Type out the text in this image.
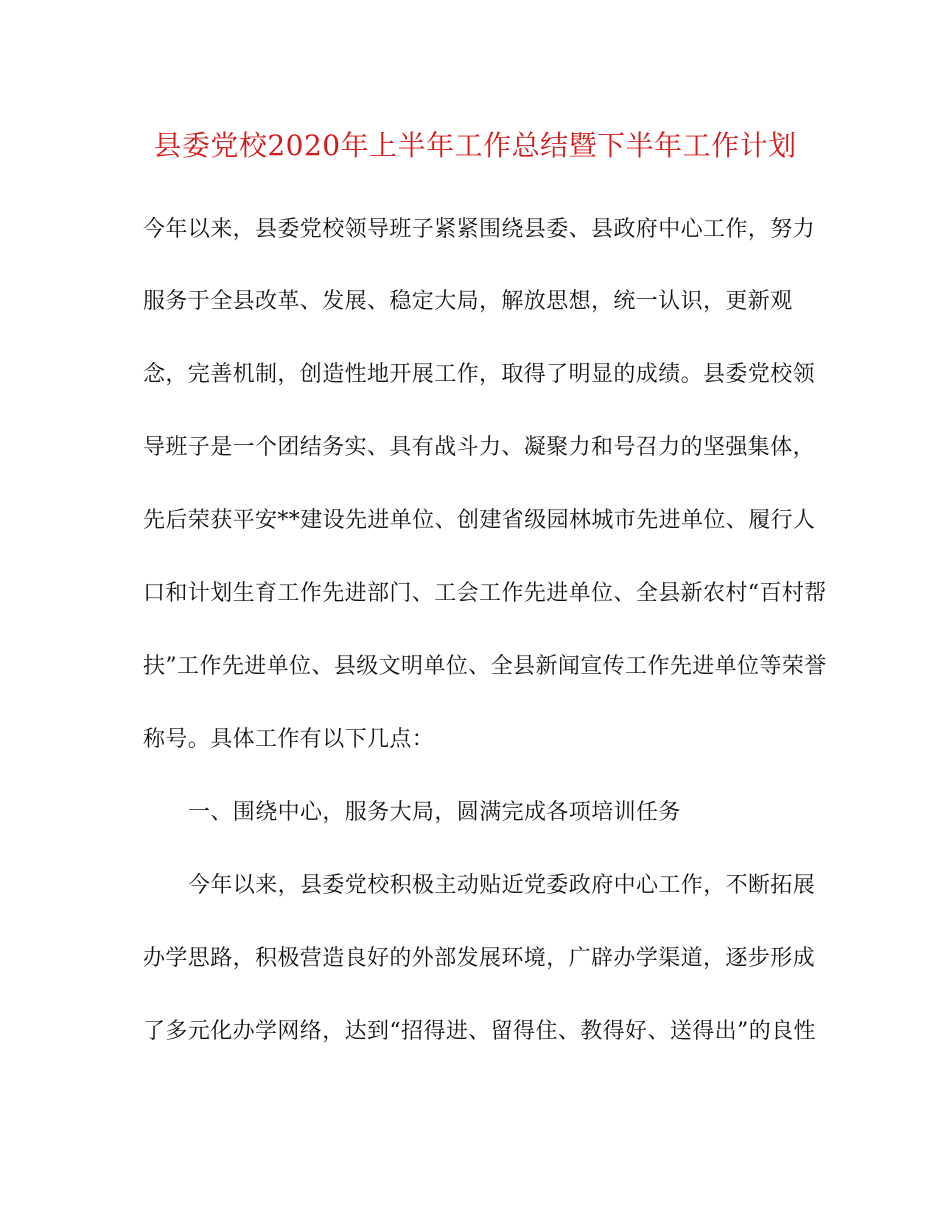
县委党校2020年上半年工作总结暨下半年工作计划
今年以来，县委党校领导班子紧紧围绕县委、县政府中心工作，努力
服务于全县改革、发展、稳定大局，解放思想，统一认识，更新观
念，完善机制，创造性地开展工作，取得了明显的成绩。县委党校领
导班子是一个团结务实、具有战斗力、凝聚力和号召力的坚强集体，
先后荣获平安**建设先进单位、创建省级园林城市先进单位、履行人
口和计划生育工作先进部门、工会工作先进单位、全县新农村“百村帮
扶”工作先进单位、县级文明单位、全县新闻宣传工作先进单位等荣誉
称号。具体工作有以下几点：
一、围绕中心，服务大局，圆满完成各项培训任务
今年以来，县委党校积极主动贴近党委政府中心工作，不断拓展
办学思路，积极营造良好的外部发展环境，广辟办学渠道，逐步形成
了多元化办学网络，达到“招得进、留得住、教得好、送得出”的良性
